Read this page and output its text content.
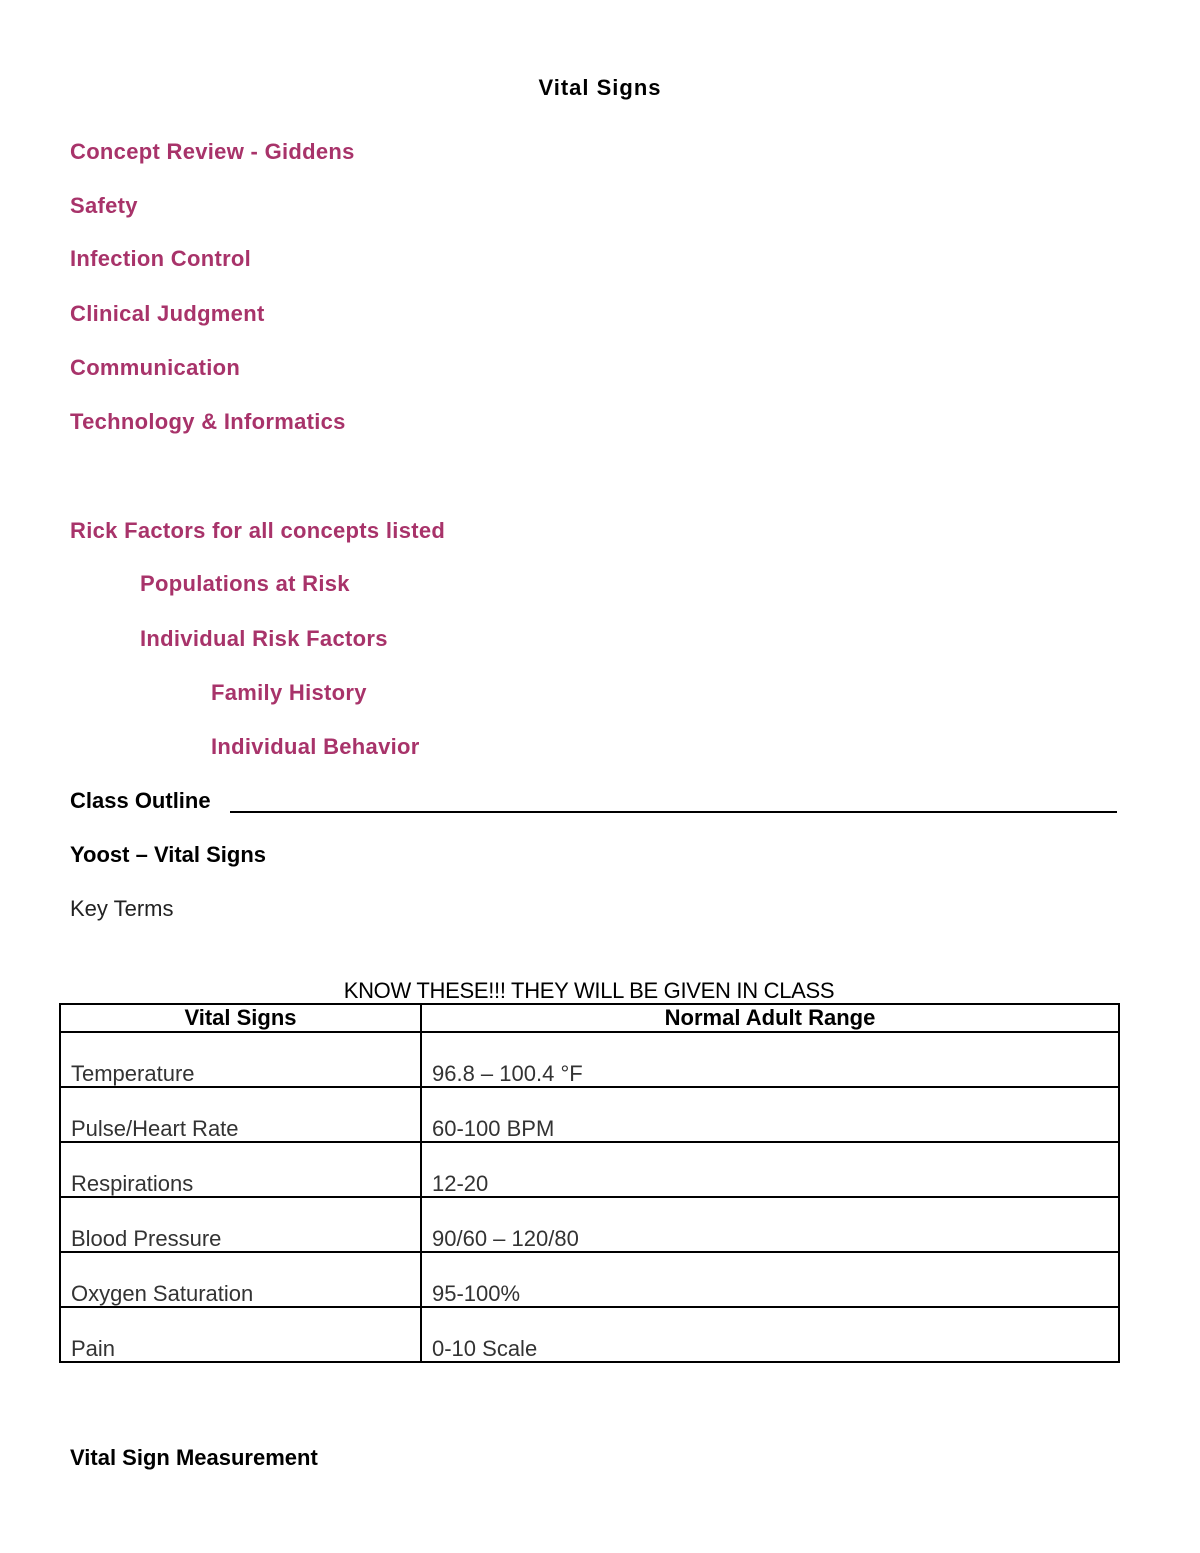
Vital Signs
Concept Review - Giddens
Safety
Infection Control
Clinical Judgment
Communication
Technology & Informatics
Rick Factors for all concepts listed
Populations at Risk
Individual Risk Factors
Family History
Individual Behavior
Class Outline
Yoost – Vital Signs
Key Terms
KNOW THESE!!! THEY WILL BE GIVEN IN CLASS
Vital Signs	Normal Adult Range
Temperature	96.8 – 100.4 °F
Pulse/Heart Rate	60-100 BPM
Respirations	12-20
Blood Pressure	90/60 – 120/80
Oxygen Saturation	95-100%
Pain	0-10 Scale
Vital Sign Measurement
